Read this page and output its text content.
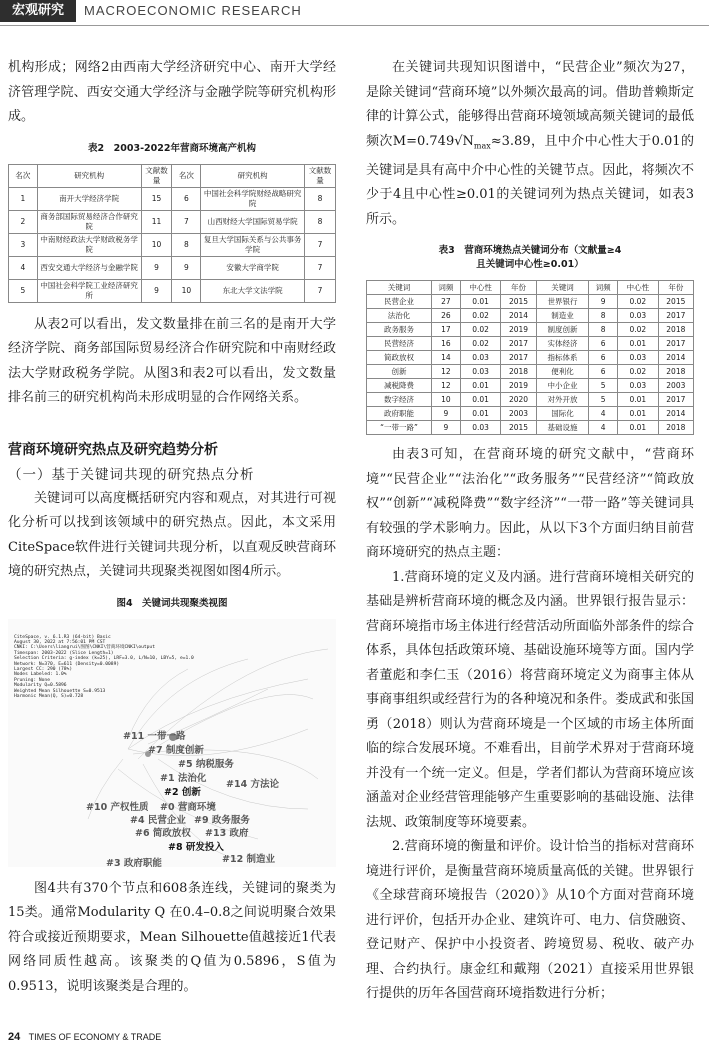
宏观研究	MACROECONOMIC RESEARCH

机构形成；网络2由西南大学经济研究中心、南开大学经济管理学院、西安交通大学经济与金融学院等研究机构形成。

表2　2003-2022年营商环境高产机构
名次	研究机构	文献数量	名次	研究机构	文献数量
1	南开大学经济学院	15	6	中国社会科学院财经战略研究院	8
2	商务部国际贸易经济合作研究院	11	7	山西财经大学国际贸易学院	8
3	中南财经政法大学财政税务学院	10	8	复旦大学国际关系与公共事务学院	7
4	西安交通大学经济与金融学院	9	9	安徽大学商学院	7
5	中国社会科学院工业经济研究所	9	10	东北大学文法学院	7

从表2可以看出，发文数量排在前三名的是南开大学经济学院、商务部国际贸易经济合作研究院和中南财经政法大学财政税务学院。从图3和表2可以看出，发文数量排名前三的研究机构尚未形成明显的合作网络关系。

营商环境研究热点及研究趋势分析
（一）基于关键词共现的研究热点分析

关键词可以高度概括研究内容和观点，对其进行可视化分析可以找到该领域中的研究热点。因此，本文采用CiteSpace软件进行关键词共现分析，以直观反映营商环境的研究热点，关键词共现聚类视图如图4所示。

图4　关键词共现聚类视图
CiteSpace, v. 6.1.R3 (64-bit) Basic
August 30, 2022 at 7:56:01 PM CST
CNKI: C:\Users\liangrui\图图\CNKI\营商环境CNKI\output
Timespan: 2003-2022 (Slice Length=1)
Selection Criteria: g-index (k=25), LRF=3.0, L/N=10, LBY=5, e=1.0
Network: N=370, E=611 (Density=0.0089)
Largest CC: 290 (78%)
Nodes Labeled: 1.0%
Pruning: None
Modularity Q=0.5896
Weighted Mean Silhouette S=0.9513
Harmonic Mean(Q, S)=0.728
#11 一带一路
#7 制度创新
#5 纳税服务
#1 法治化
#14 方法论
#2 创新
#10 产权性质 #0 营商环境
#4 民营企业 #9 政务服务
#6 简政放权 #13 政府
#8 研发投入
#3 政府职能	#12 制造业

图4共有370个节点和608条连线，关键词的聚类为15类。通常Modularity Q 在0.4–0.8之间说明聚合效果符合或接近预期要求，Mean Silhouette值越接近1代表网络同质性越高。该聚类的Q值为0.5896，S值为0.9513，说明该聚类是合理的。

在关键词共现知识图谱中，“民营企业”频次为27，是除关键词“营商环境”以外频次最高的词。借助普赖斯定律的计算公式，能够得出营商环境领域高频关键词的最低频次$M=0.749√N_{max}\approx 3.89$，且中介中心性大于0.01的关键词是具有高中介中心性的关键节点。因此，将频次不少于4且中心性≥0.01的关键词列为热点关键词，如表3所示。

表3　营商环境热点关键词分布（文献量≥4
且关键词中心性≥0.01）
关键词	词频	中心性	年份	关键词	词频	中心性	年份
民营企业	27	0.01	2015	世界银行	9	0.02	2015
法治化	26	0.02	2014	制造业	8	0.03	2017
政务服务	17	0.02	2019	制度创新	8	0.02	2018
民营经济	16	0.02	2017	实体经济	6	0.01	2017
简政放权	14	0.03	2017	指标体系	6	0.03	2014
创新	12	0.03	2018	便利化	6	0.02	2018
减税降费	12	0.01	2019	中小企业	5	0.03	2003
数字经济	10	0.01	2020	对外开放	5	0.01	2017
政府职能	9	0.01	2003	国际化	4	0.01	2014
“一带一路”	9	0.03	2015	基础设施	4	0.01	2018

由表3可知，在营商环境的研究文献中，“营商环境”“民营企业”“法治化”“政务服务”“民营经济”“简政放权”“创新”“减税降费”“数字经济”“一带一路”等关键词具有较强的学术影响力。因此，从以下3个方面归纳目前营商环境研究的热点主题：

1.营商环境的定义及内涵。进行营商环境相关研究的基础是辨析营商环境的概念及内涵。世界银行报告显示：营商环境指市场主体进行经营活动所面临外部条件的综合体系，具体包括政策环境、基础设施环境等方面。国内学者董彪和李仁玉（2016）将营商环境定义为商事主体从事商事组织或经营行为的各种境况和条件。娄成武和张国勇（2018）则认为营商环境是一个区域的市场主体所面临的综合发展环境。不难看出，目前学术界对于营商环境并没有一个统一定义。但是，学者们都认为营商环境应该涵盖对企业经营管理能够产生重要影响的基础设施、法律法规、政策制度等环境要素。

2.营商环境的衡量和评价。设计恰当的指标对营商环境进行评价，是衡量营商环境质量高低的关键。世界银行《全球营商环境报告（2020）》从10个方面对营商环境进行评价，包括开办企业、建筑许可、电力、信贷融资、登记财产、保护中小投资者、跨境贸易、税收、破产办理、合约执行。康金红和戴翔（2021）直接采用世界银行提供的历年各国营商环境指数进行分析；

24 TIMES OF ECONOMY & TRADE
